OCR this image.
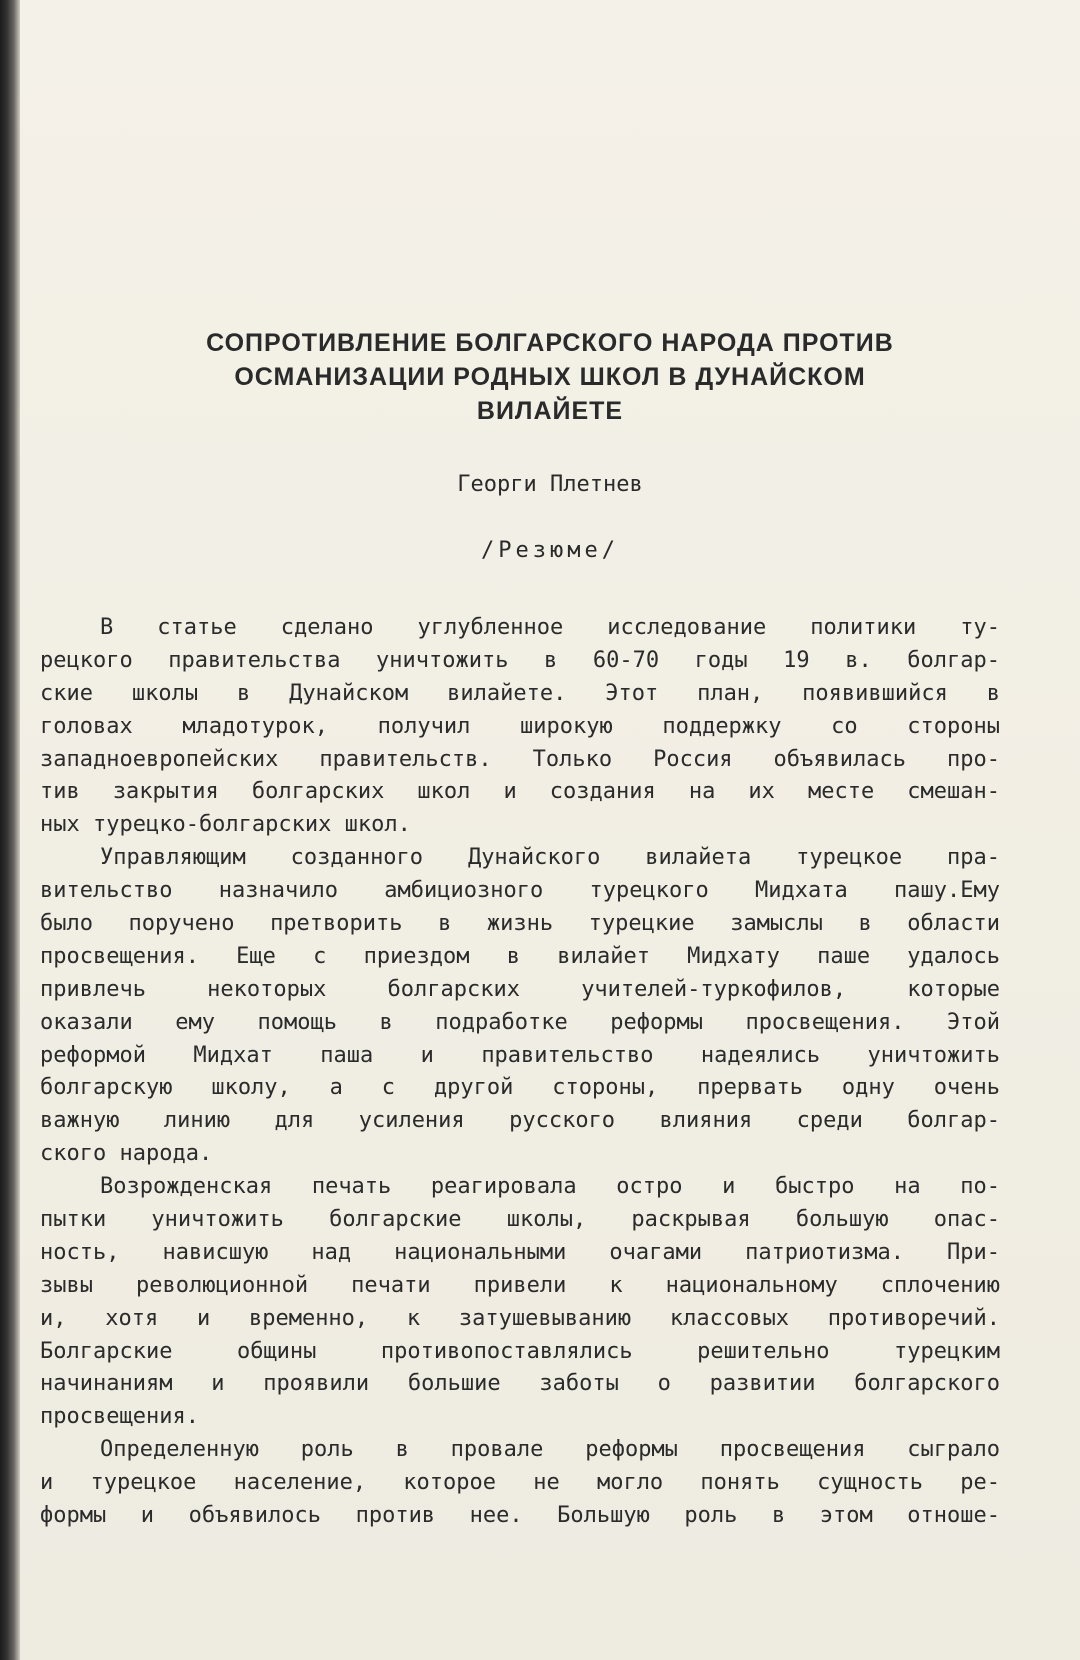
СОПРОТИВЛЕНИЕ БОЛГАРСКОГО НАРОДА ПРОТИВ
ОСМАНИЗАЦИИ РОДНЫХ ШКОЛ В ДУНАЙСКОМ
ВИЛАЙЕТЕ
Георги Плетнев
/Резюме/
В статье сделано углубленное исследование политики ту-
рецкого правительства уничтожить в 60-70 годы 19 в. болгар-
ские школы в Дунайском вилайете. Этот план, появившийся в
головах младотурок, получил широкую поддержку со стороны
западноевропейских правительств. Только Россия объявилась про-
тив закрытия болгарских школ и создания на их месте смешан-
ных турецко-болгарских школ.
Управляющим созданного Дунайского вилайета турецкое пра-
вительство назначило амбициозного турецкого Мидхата пашу.Ему
было поручено претворить в жизнь турецкие замыслы в области
просвещения. Еще с приездом в вилайет Мидхату паше удалось
привлечь некоторых болгарских учителей-туркофилов, которые
оказали ему помощь в подработке реформы просвещения. Этой
реформой Мидхат паша и правительство надеялись уничтожить
болгарскую школу, а с другой стороны, прервать одну очень
важную линию для усиления русского влияния среди болгар-
ского народа.
Возрожденская печать реагировала остро и быстро на по-
пытки уничтожить болгарские школы, раскрывая большую опас-
ность, нависшую над национальными очагами патриотизма. При-
зывы революционной печати привели к национальному сплочению
и, хотя и временно, к затушевыванию классовых противоречий.
Болгарские общины противопоставлялись решительно турецким
начинаниям и проявили большие заботы о развитии болгарского
просвещения.
Определенную роль в провале реформы просвещения сыграло
и турецкое население, которое не могло понять сущность ре-
формы и объявилось против нее. Большую роль в этом отноше-
